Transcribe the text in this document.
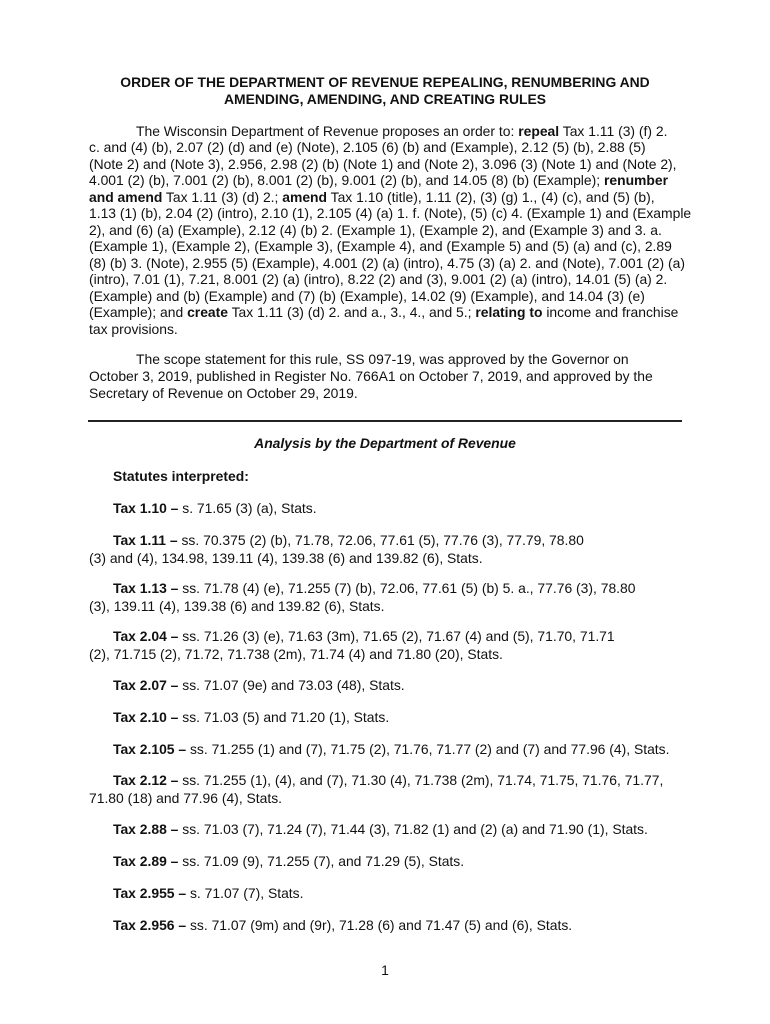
ORDER OF THE DEPARTMENT OF REVENUE REPEALING, RENUMBERING AND
AMENDING, AMENDING, AND CREATING RULES
The Wisconsin Department of Revenue proposes an order to: repeal Tax 1.11 (3) (f) 2.
c. and (4) (b), 2.07 (2) (d) and (e) (Note), 2.105 (6) (b) and (Example), 2.12 (5) (b), 2.88 (5)
(Note 2) and (Note 3), 2.956, 2.98 (2) (b) (Note 1) and (Note 2), 3.096 (3) (Note 1) and (Note 2),
4.001 (2) (b), 7.001 (2) (b), 8.001 (2) (b), 9.001 (2) (b), and 14.05 (8) (b) (Example); renumber
and amend Tax 1.11 (3) (d) 2.; amend Tax 1.10 (title), 1.11 (2), (3) (g) 1., (4) (c), and (5) (b),
1.13 (1) (b), 2.04 (2) (intro), 2.10 (1), 2.105 (4) (a) 1. f. (Note), (5) (c) 4. (Example 1) and (Example
2), and (6) (a) (Example), 2.12 (4) (b) 2. (Example 1), (Example 2), and (Example 3) and 3. a.
(Example 1), (Example 2), (Example 3), (Example 4), and (Example 5) and (5) (a) and (c), 2.89
(8) (b) 3. (Note), 2.955 (5) (Example), 4.001 (2) (a) (intro), 4.75 (3) (a) 2. and (Note), 7.001 (2) (a)
(intro), 7.01 (1), 7.21, 8.001 (2) (a) (intro), 8.22 (2) and (3), 9.001 (2) (a) (intro), 14.01 (5) (a) 2.
(Example) and (b) (Example) and (7) (b) (Example), 14.02 (9) (Example), and 14.04 (3) (e)
(Example); and create Tax 1.11 (3) (d) 2. and a., 3., 4., and 5.; relating to income and franchise
tax provisions.
The scope statement for this rule, SS 097-19, was approved by the Governor on
October 3, 2019, published in Register No. 766A1 on October 7, 2019, and approved by the
Secretary of Revenue on October 29, 2019.
Analysis by the Department of Revenue
Statutes interpreted:
Tax 1.10 – s. 71.65 (3) (a), Stats.
Tax 1.11 – ss. 70.375 (2) (b), 71.78, 72.06, 77.61 (5), 77.76 (3), 77.79, 78.80
(3) and (4), 134.98, 139.11 (4), 139.38 (6) and 139.82 (6), Stats.
Tax 1.13 – ss. 71.78 (4) (e), 71.255 (7) (b), 72.06, 77.61 (5) (b) 5. a., 77.76 (3), 78.80
(3), 139.11 (4), 139.38 (6) and 139.82 (6), Stats.
Tax 2.04 – ss. 71.26 (3) (e), 71.63 (3m), 71.65 (2), 71.67 (4) and (5), 71.70, 71.71
(2), 71.715 (2), 71.72, 71.738 (2m), 71.74 (4) and 71.80 (20), Stats.
Tax 2.07 – ss. 71.07 (9e) and 73.03 (48), Stats.
Tax 2.10 – ss. 71.03 (5) and 71.20 (1), Stats.
Tax 2.105 – ss. 71.255 (1) and (7), 71.75 (2), 71.76, 71.77 (2) and (7) and 77.96 (4), Stats.
Tax 2.12 – ss. 71.255 (1), (4), and (7), 71.30 (4), 71.738 (2m), 71.74, 71.75, 71.76, 71.77,
71.80 (18) and 77.96 (4), Stats.
Tax 2.88 – ss. 71.03 (7), 71.24 (7), 71.44 (3), 71.82 (1) and (2) (a) and 71.90 (1), Stats.
Tax 2.89 – ss. 71.09 (9), 71.255 (7), and 71.29 (5), Stats.
Tax 2.955 – s. 71.07 (7), Stats.
Tax 2.956 – ss. 71.07 (9m) and (9r), 71.28 (6) and 71.47 (5) and (6), Stats.
1
